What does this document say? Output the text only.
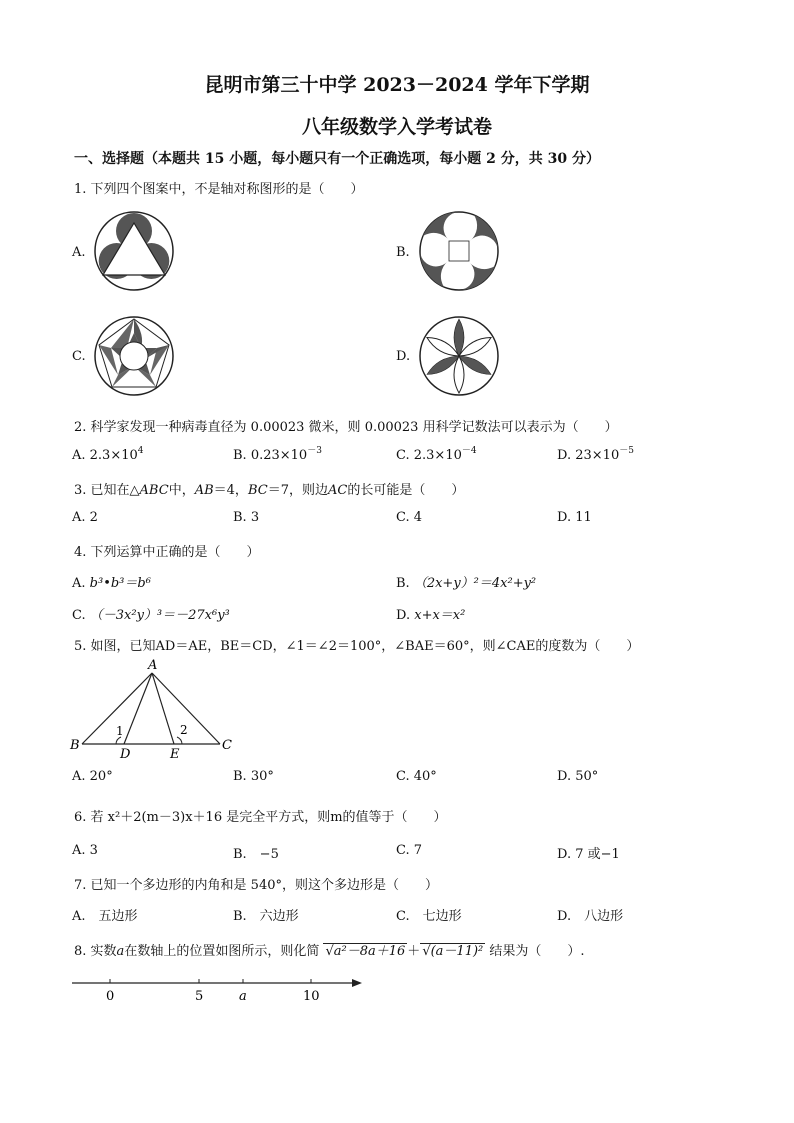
昆明市第三十中学 2023－2024 学年下学期
八年级数学入学考试卷
一、选择题（本题共 15 小题，每小题只有一个正确选项，每小题 2 分，共 30 分）
1. 下列四个图案中，不是轴对称图形的是（　　）
A.	B.
C.	D.
2. 科学家发现一种病毒直径为 0.00023 微米，则 0.00023 用科学记数法可以表示为（　　）
A. $2.3\times 10^4$	B. $0.23\times 10^{-3}$	C. $2.3\times 10^{-4}$	D. $23\times 10^{-5}$
3. 已知在△ABC中，AB＝4，BC＝7，则边AC的长可能是（　　）
A. 2	B. 3	C. 4	D. 11
4. 下列运算中正确的是（　　）
A. b³•b³＝b⁶	B. （2x+y）²＝4x²+y²
C. （－3x²y）³＝－27x⁶y³	D. x+x＝x²
5. 如图，已知AD＝AE，BE＝CD，∠1＝∠2＝100°，∠BAE＝60°，则∠CAE的度数为（　　）
A
B	C
D	E
1	2
A. 20°	B. 30°	C. 40°	D. 50°
6. 若 x²＋2(m－3)x＋16 是完全平方式，则m的值等于（　　）
A. 3	B.　−5	C. 7	D. 7 或−1
7. 已知一个多边形的内角和是 540°，则这个多边形是（　　）
A.　五边形	B.　六边形	C.　七边形	D.　八边形
8. 实数a在数轴上的位置如图所示，则化简 √a²－8a＋16 ＋ √(a－11)² 结果为（　　）.
0	5	a	10
